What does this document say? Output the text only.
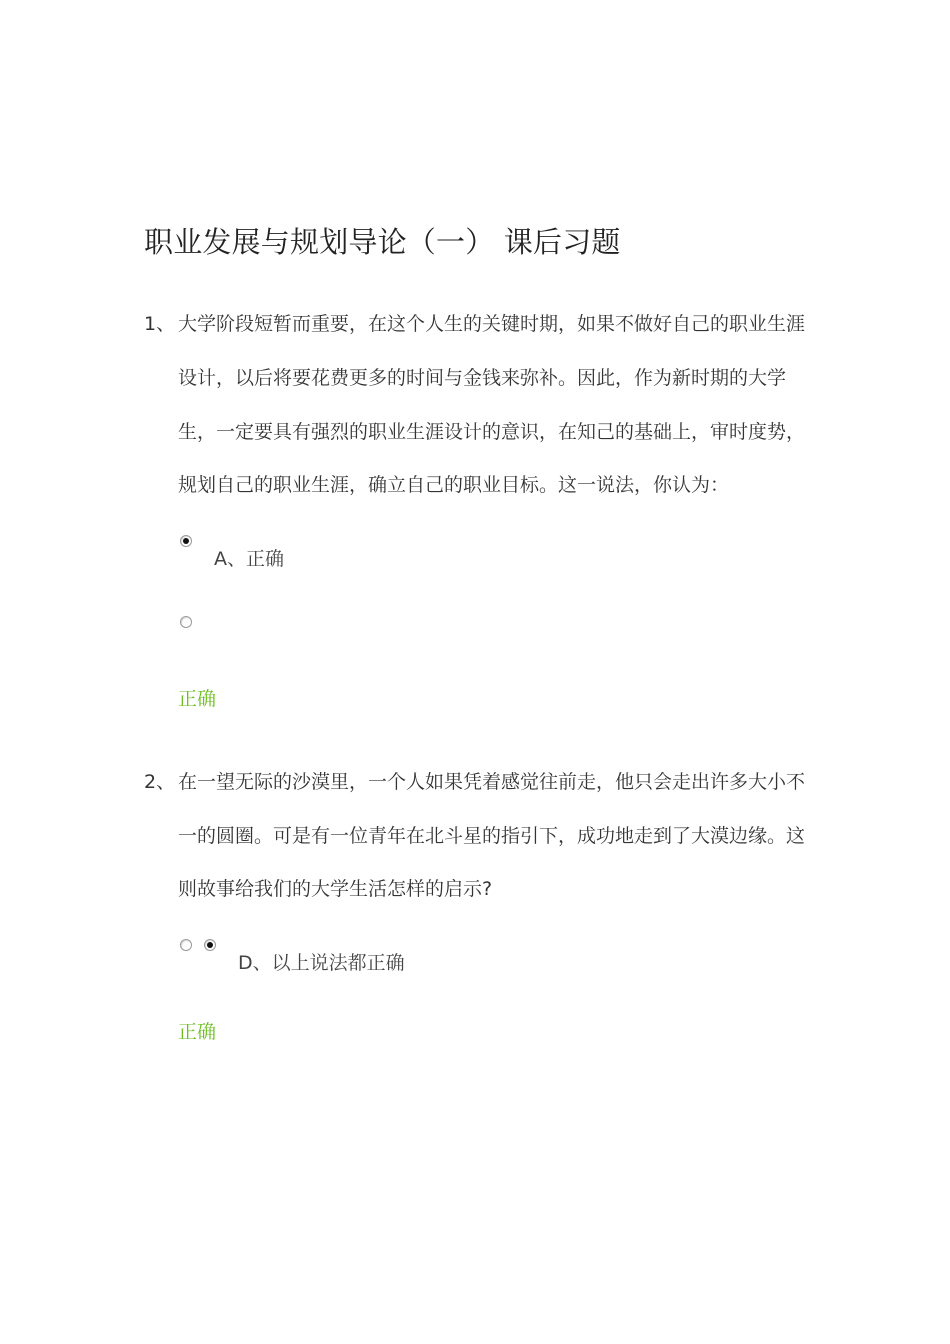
职业发展与规划导论（一） 课后习题
1、 大学阶段短暂而重要，在这个人生的关键时期，如果不做好自己的职业生涯
设计，以后将要花费更多的时间与金钱来弥补。因此，作为新时期的大学
生，一定要具有强烈的职业生涯设计的意识，在知己的基础上，审时度势，
规划自己的职业生涯，确立自己的职业目标。这一说法，你认为：
A、正确
正确
2、 在一望无际的沙漠里，一个人如果凭着感觉往前走，他只会走出许多大小不
一的圆圈。可是有一位青年在北斗星的指引下，成功地走到了大漠边缘。这
则故事给我们的大学生活怎样的启示?
D、以上说法都正确
正确
